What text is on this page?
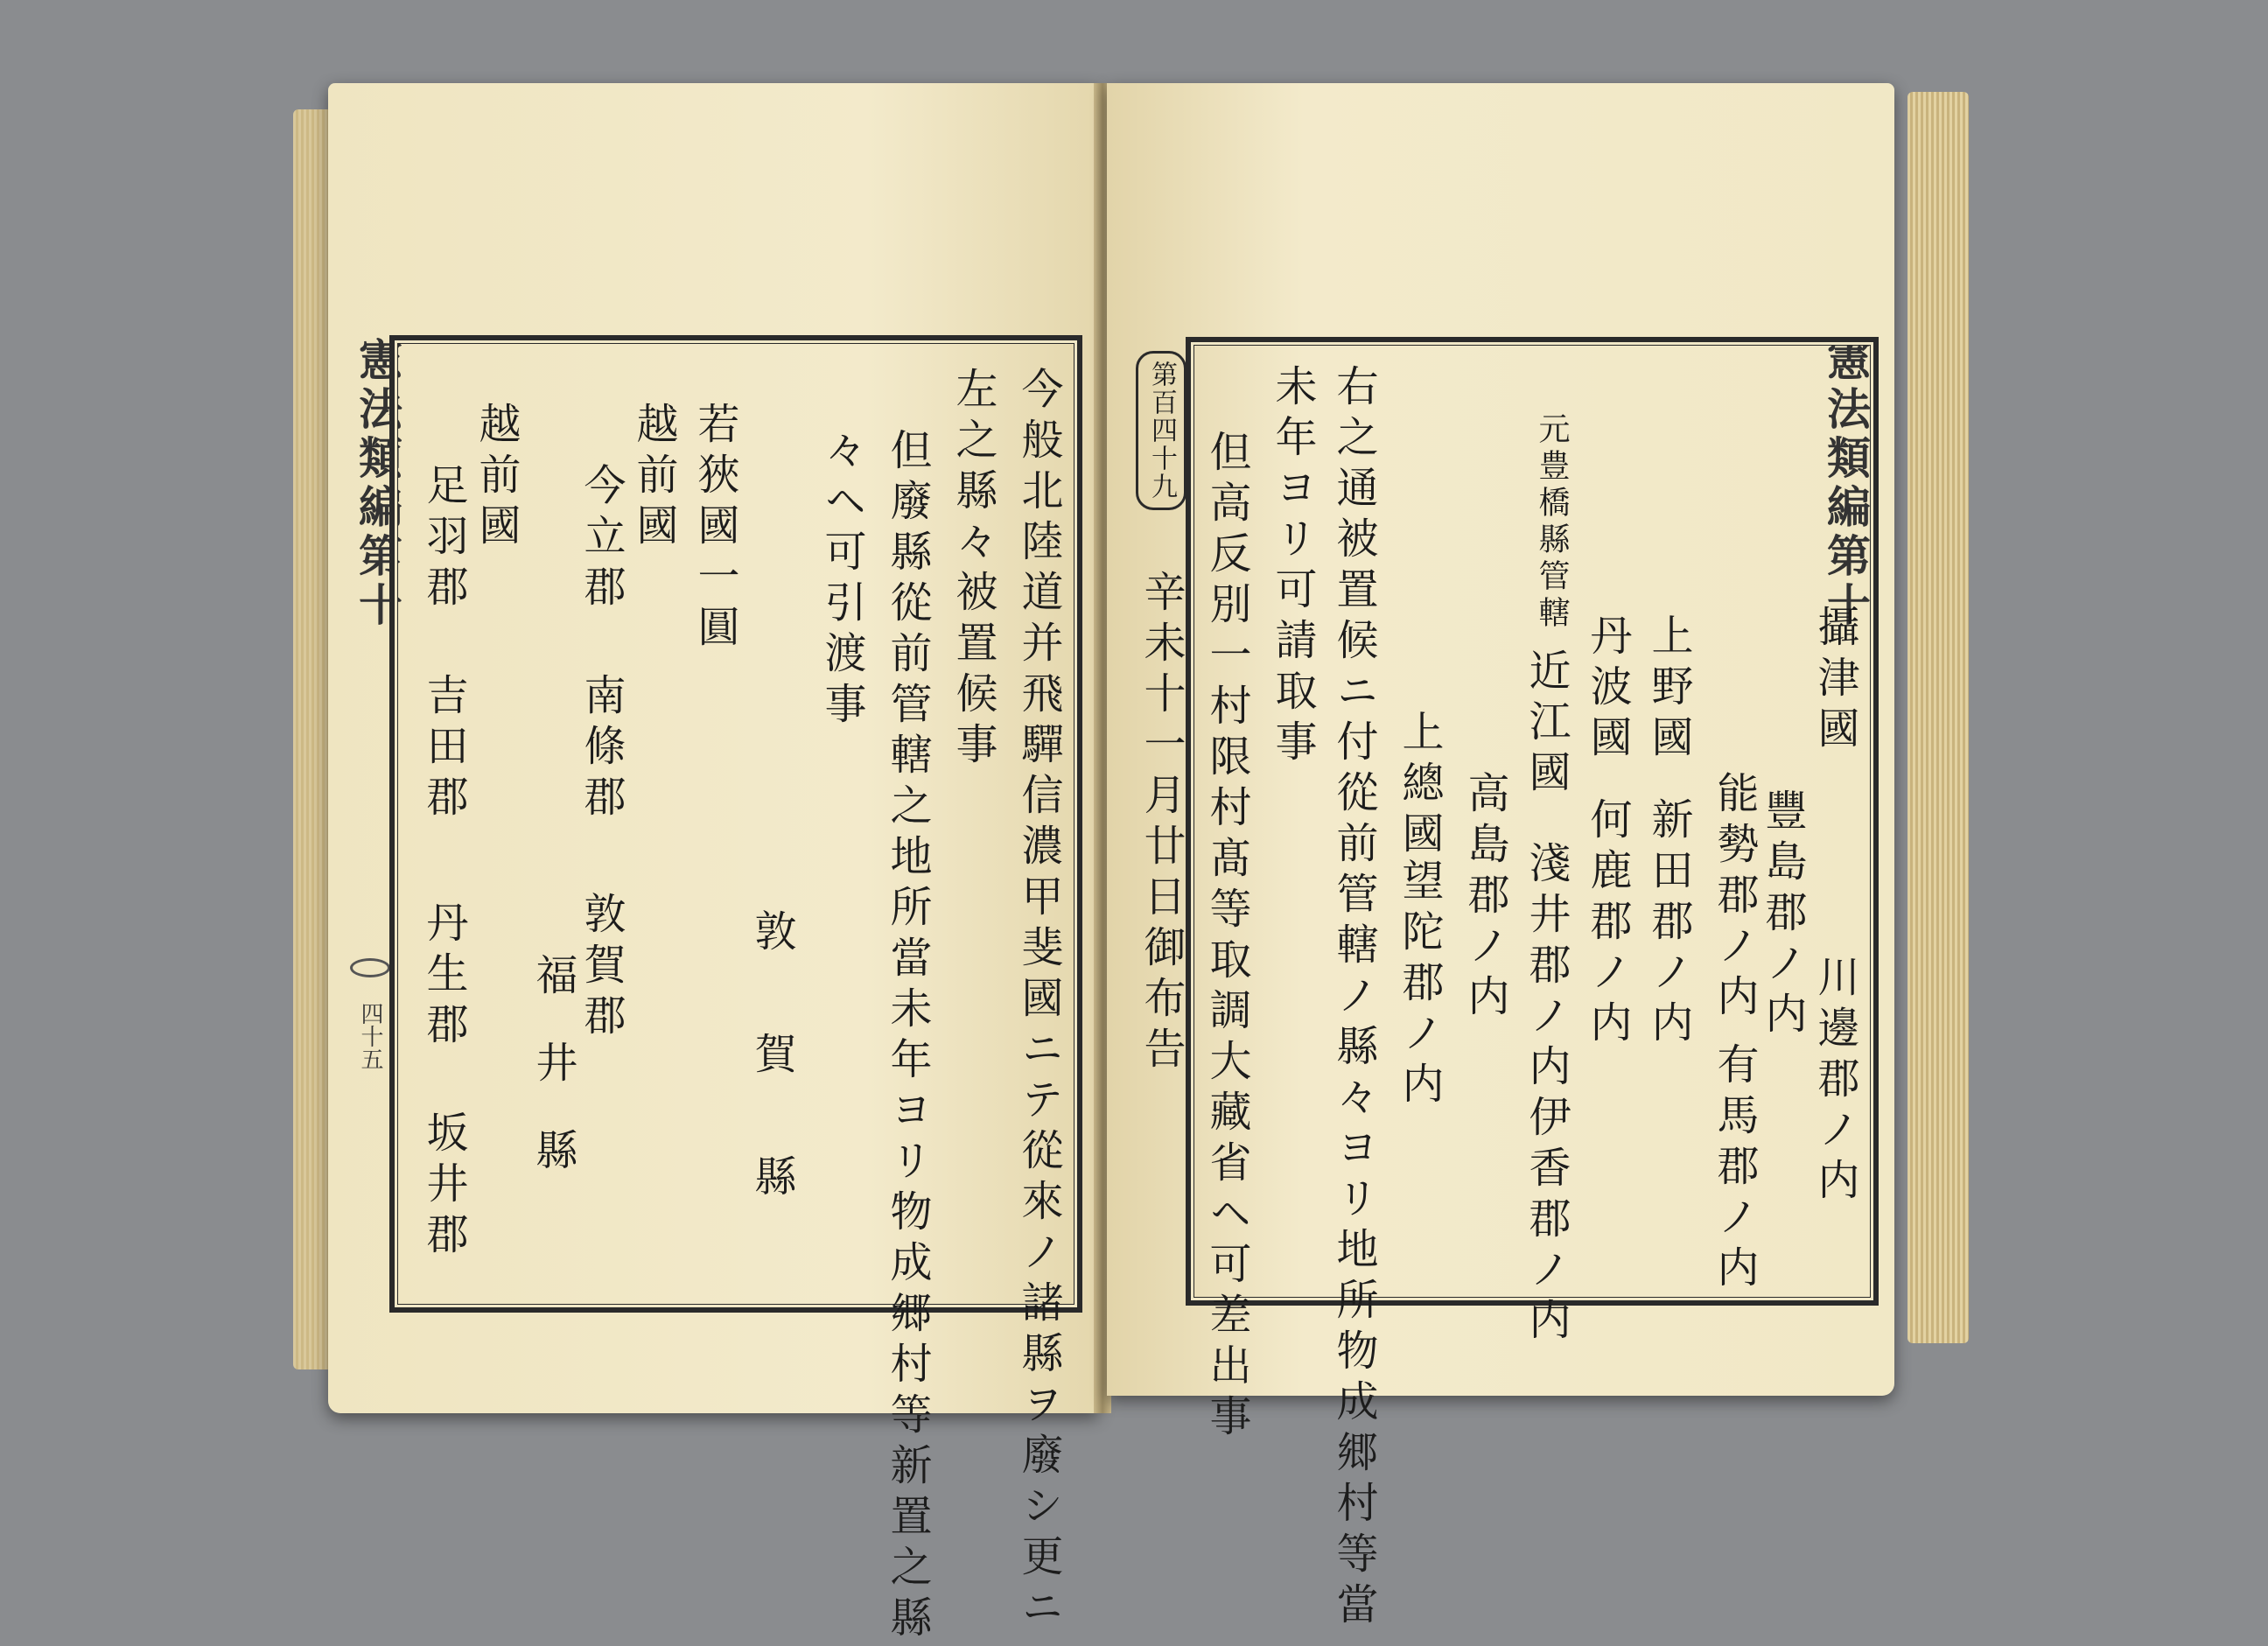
憲法類編第十
四十五	今般北陸道并飛驒信濃甲斐國ニテ從來ノ諸縣ヲ廢シ更ニ
左之縣々被置候事
但廢縣從前管轄之地所當未年ヨリ物成郷村等新置之縣
々ヘ可引渡事
敦
賀
縣
若狹國一圓
越前國
今立郡
南條郡
敦賀郡
福
井
縣
越前國
足羽郡
吉田郡
丹生郡
坂井郡
憲法類編第十
攝津國
川邊郡ノ内
豐島郡ノ内
能勢郡ノ内
有馬郡ノ内
上野國
新田郡ノ内
丹波國
何鹿郡ノ内
元豊橋縣管轄
近江國
淺井郡ノ内
伊香郡ノ内
高島郡ノ内
上總國
望陀郡ノ内
右之通被置候ニ付從前管轄ノ縣々ヨリ地所物成郷村等當
未年ヨリ可請取事
但高反別一村限村髙等取調大藏省ヘ可差出事
第百四十九
辛未十一月廿日御布告
